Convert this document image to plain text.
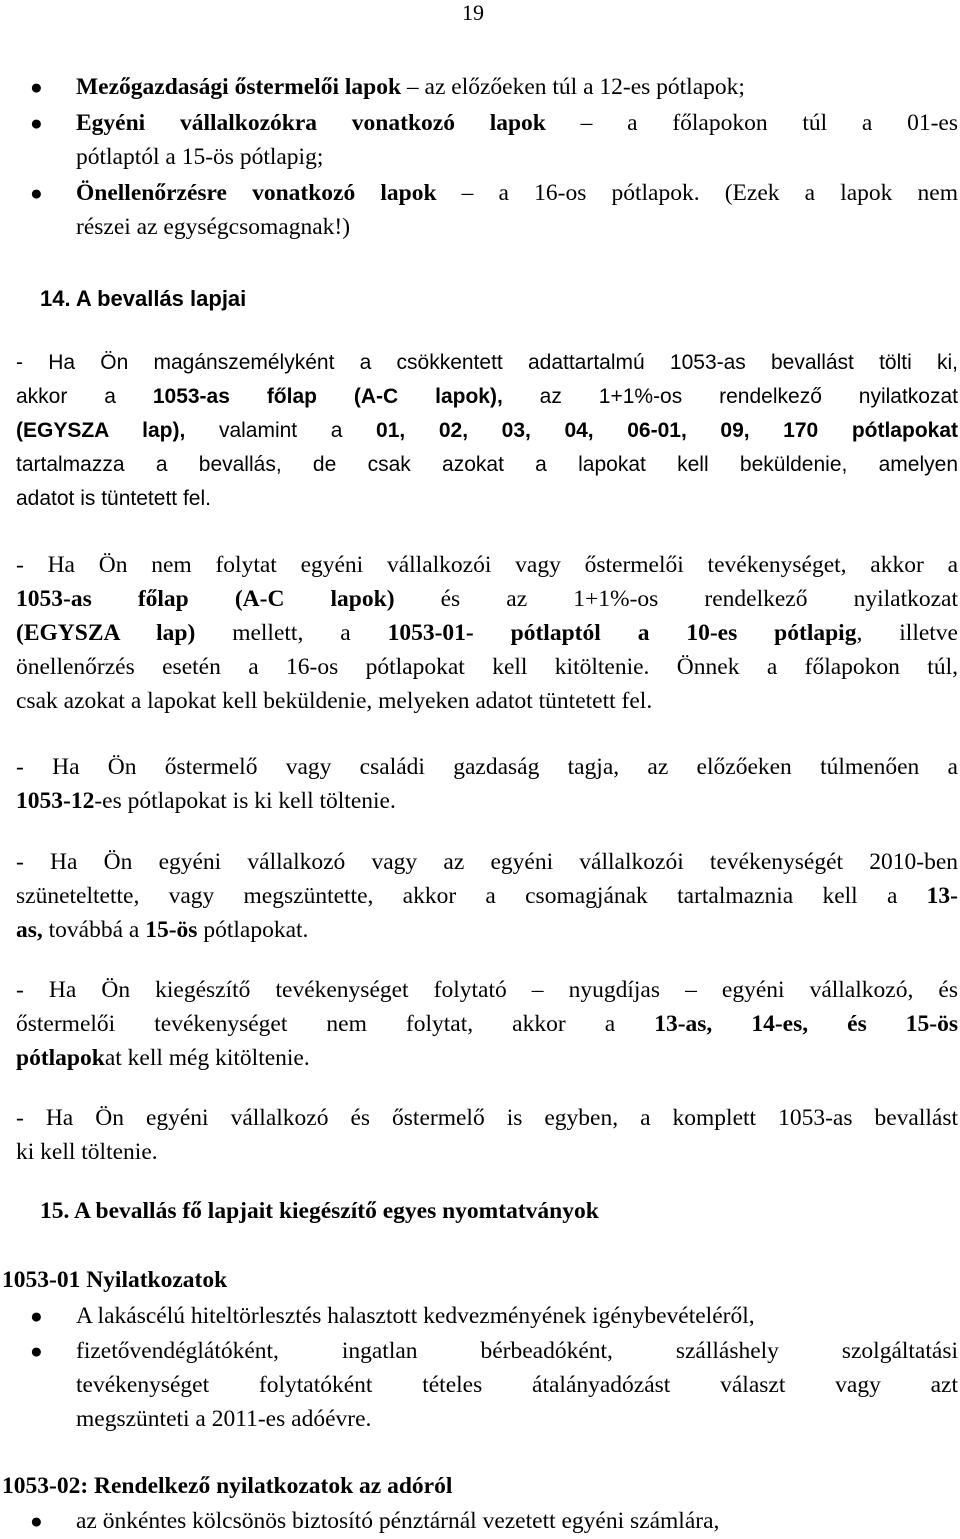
19
● Mezőgazdasági őstermelői lapok – az előzőeken túl a 12-es pótlapok;
● Egyéni vállalkozókra vonatkozó lapok – a főlapokon túl a 01-es
pótlaptól a 15-ös pótlapig;
● Önellenőrzésre vonatkozó lapok – a 16-os pótlapok. (Ezek a lapok nem
részei az egységcsomagnak!)
14. A bevallás lapjai
- Ha Ön magánszemélyként a csökkentett adattartalmú 1053-as bevallást tölti ki,
akkor a 1053-as főlap (A-C lapok), az 1+1%-os rendelkező nyilatkozat
(EGYSZA lap), valamint a 01, 02, 03, 04, 06-01, 09, 170 pótlapokat
tartalmazza a bevallás, de csak azokat a lapokat kell beküldenie, amelyen
adatot is tüntetett fel.
- Ha Ön nem folytat egyéni vállalkozói vagy őstermelői tevékenységet, akkor a
1053-as főlap (A-C lapok) és az 1+1%-os rendelkező nyilatkozat
(EGYSZA lap) mellett, a 1053-01- pótlaptól a 10-es pótlapig, illetve
önellenőrzés esetén a 16-os pótlapokat kell kitöltenie. Önnek a főlapokon túl,
csak azokat a lapokat kell beküldenie, melyeken adatot tüntetett fel.
- Ha Ön őstermelő vagy családi gazdaság tagja, az előzőeken túlmenően a
1053-12-es pótlapokat is ki kell töltenie.
- Ha Ön egyéni vállalkozó vagy az egyéni vállalkozói tevékenységét 2010-ben
szüneteltette, vagy megszüntette, akkor a csomagjának tartalmaznia kell a 13-
as, továbbá a 15-ös pótlapokat.
- Ha Ön kiegészítő tevékenységet folytató – nyugdíjas – egyéni vállalkozó, és
őstermelői tevékenységet nem folytat, akkor a 13-as, 14-es, és 15-ös
pótlapokat kell még kitöltenie.
- Ha Ön egyéni vállalkozó és őstermelő is egyben, a komplett 1053-as bevallást
ki kell töltenie.
15. A bevallás fő lapjait kiegészítő egyes nyomtatványok
1053-01 Nyilatkozatok
● A lakáscélú hiteltörlesztés halasztott kedvezményének igénybevételéről,
● fizetővendéglátóként, ingatlan bérbeadóként, szálláshely szolgáltatási
tevékenységet folytatóként tételes átalányadózást választ vagy azt
megszünteti a 2011-es adóévre.
1053-02: Rendelkező nyilatkozatok az adóról
● az önkéntes kölcsönös biztosító pénztárnál vezetett egyéni számlára,
